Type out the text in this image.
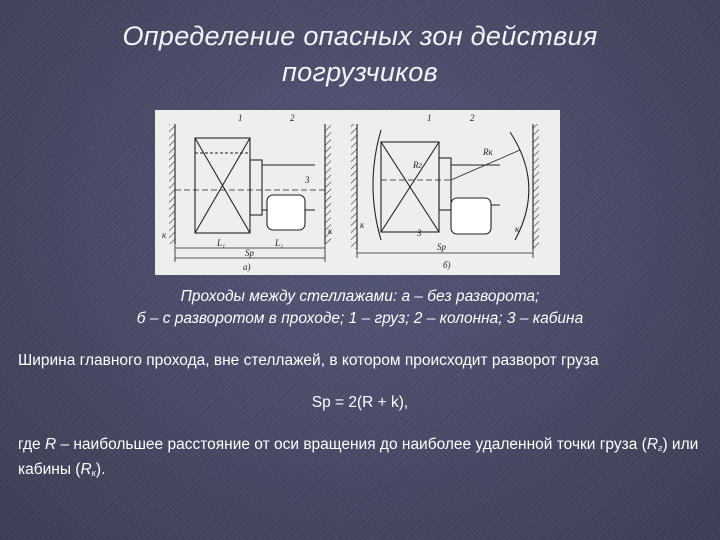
Определение опасных зон действия
погрузчиков
1	2
3
к
L₁	L₂
к
Sp
a)
1	2
Rк
Rг
к
3
Sp
к
б)
Проходы между стеллажами: а – без разворота;
б – с разворотом в проходе; 1 – груз; 2 – колонна; 3 – кабина
Ширина главного прохода, вне стеллажей, в котором происходит разворот груза
Sp = 2(R + k),
где R – наибольшее расстояние от оси вращения до наиболее удаленной точки груза $(R_г)$ или кабины $(R_к)$.
